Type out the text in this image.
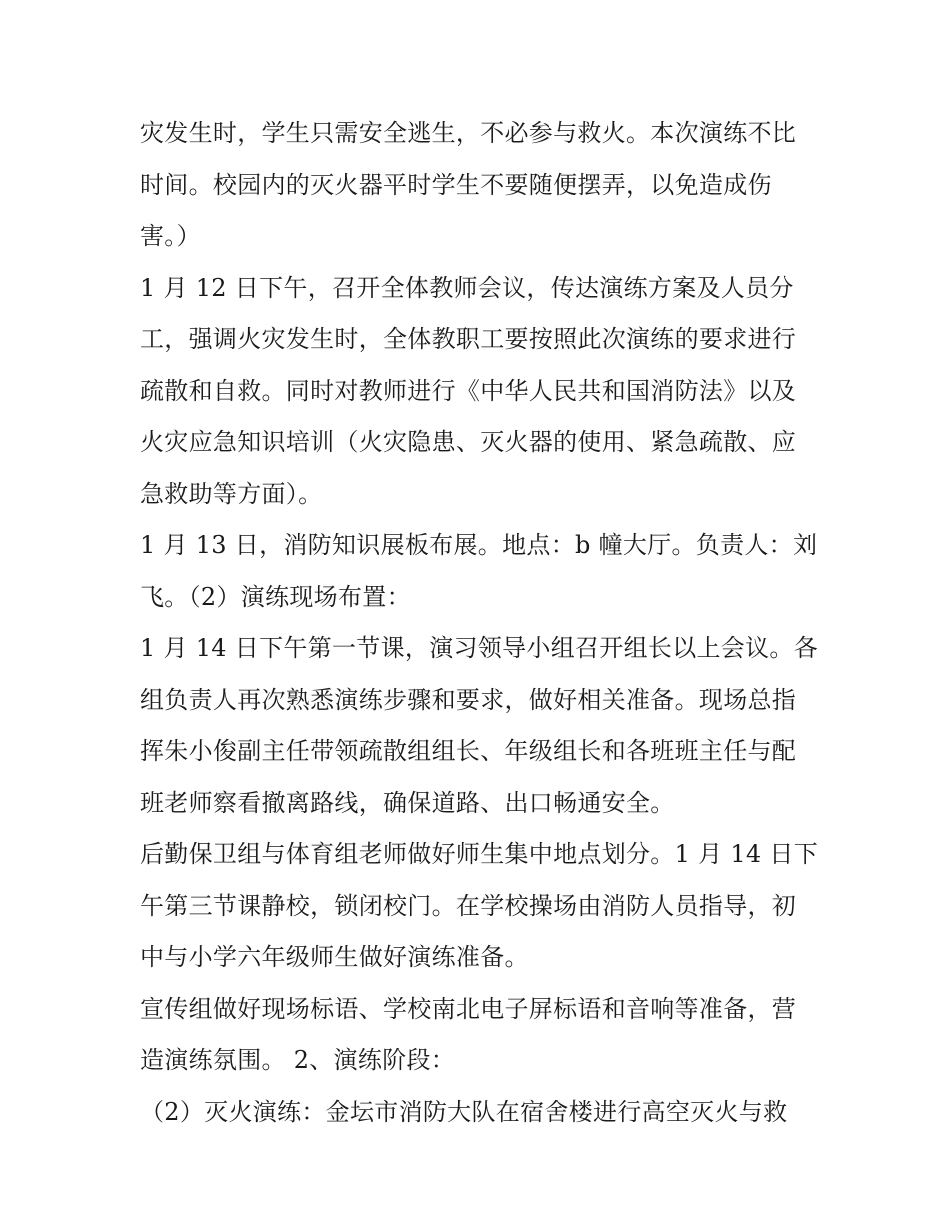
灾发生时，学生只需安全逃生，不必参与救火。本次演练不比
时间。校园内的灭火器平时学生不要随便摆弄，以免造成伤
害。）
1 月 12 日下午，召开全体教师会议，传达演练方案及人员分
工，强调火灾发生时，全体教职工要按照此次演练的要求进行
疏散和自救。同时对教师进行《中华人民共和国消防法》以及
火灾应急知识培训（火灾隐患、灭火器的使用、紧急疏散、应
急救助等方面）。
1 月 13 日，消防知识展板布展。地点：b 幢大厅。负责人：刘
飞。（2）演练现场布置：
1 月 14 日下午第一节课，演习领导小组召开组长以上会议。各
组负责人再次熟悉演练步骤和要求，做好相关准备。现场总指
挥朱小俊副主任带领疏散组组长、年级组长和各班班主任与配
班老师察看撤离路线，确保道路、出口畅通安全。
后勤保卫组与体育组老师做好师生集中地点划分。1 月 14 日下
午第三节课静校，锁闭校门。在学校操场由消防人员指导，初
中与小学六年级师生做好演练准备。
宣传组做好现场标语、学校南北电子屏标语和音响等准备，营
造演练氛围。 2、演练阶段：
（2）灭火演练：金坛市消防大队在宿舍楼进行高空灭火与救
